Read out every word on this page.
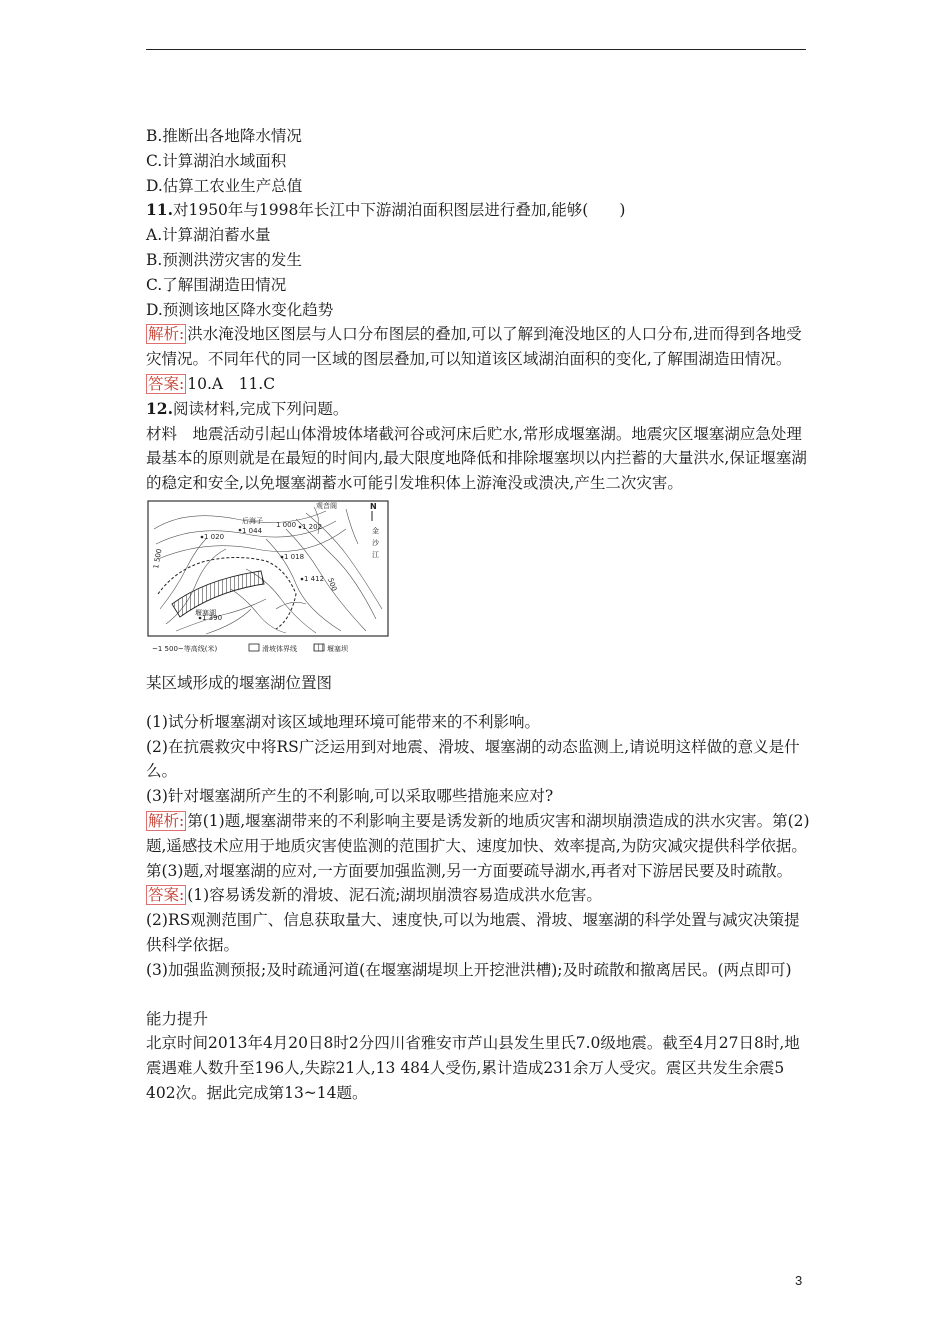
B.推断出各地降水情况
C.计算湖泊水域面积
D.估算工农业生产总值
11.对1950年与1998年长江中下游湖泊面积图层进行叠加,能够(　　)
A.计算湖泊蓄水量
B.预测洪涝灾害的发生
C.了解围湖造田情况
D.预测该地区降水变化趋势
解析: 洪水淹没地区图层与人口分布图层的叠加,可以了解到淹没地区的人口分布,进而得到各地受灾情况。不同年代的同一区域的图层叠加,可以知道该区域湖泊面积的变化,了解围湖造田情况。
答案: 10.A　11.C
12.阅读材料,完成下列问题。
材料　地震活动引起山体滑坡体堵截河谷或河床后贮水,常形成堰塞湖。地震灾区堰塞湖应急处理最基本的原则就是在最短的时间内,最大限度地降低和排除堰塞坝以内拦蓄的大量洪水,保证堰塞湖的稳定和安全,以免堰塞湖蓄水可能引发堆积体上游淹没或溃决,产生二次灾害。
观音阁
后海子
堰塞湖
N
金
沙
江
1 044
1 000 1 202
1 020
1 018
1 412
1 390
1 500
500
~1 500~等高线(米)	滑坡体界线	堰塞坝
某区域形成的堰塞湖位置图
(1)试分析堰塞湖对该区域地理环境可能带来的不利影响。
(2)在抗震救灾中将RS广泛运用到对地震、滑坡、堰塞湖的动态监测上,请说明这样做的意义是什么。
(3)针对堰塞湖所产生的不利影响,可以采取哪些措施来应对?
解析: 第(1)题,堰塞湖带来的不利影响主要是诱发新的地质灾害和湖坝崩溃造成的洪水灾害。第(2)题,遥感技术应用于地质灾害使监测的范围扩大、速度加快、效率提高,为防灾减灾提供科学依据。第(3)题,对堰塞湖的应对,一方面要加强监测,另一方面要疏导湖水,再者对下游居民要及时疏散。
答案: (1)容易诱发新的滑坡、泥石流;湖坝崩溃容易造成洪水危害。
(2)RS观测范围广、信息获取量大、速度快,可以为地震、滑坡、堰塞湖的科学处置与减灾决策提供科学依据。
(3)加强监测预报;及时疏通河道(在堰塞湖堤坝上开挖泄洪槽);及时疏散和撤离居民。(两点即可)
能力提升
北京时间2013年4月20日8时2分四川省雅安市芦山县发生里氏7.0级地震。截至4月27日8时,地震遇难人数升至196人,失踪21人,13 484人受伤,累计造成231余万人受灾。震区共发生余震5 402次。据此完成第13~14题。
3
